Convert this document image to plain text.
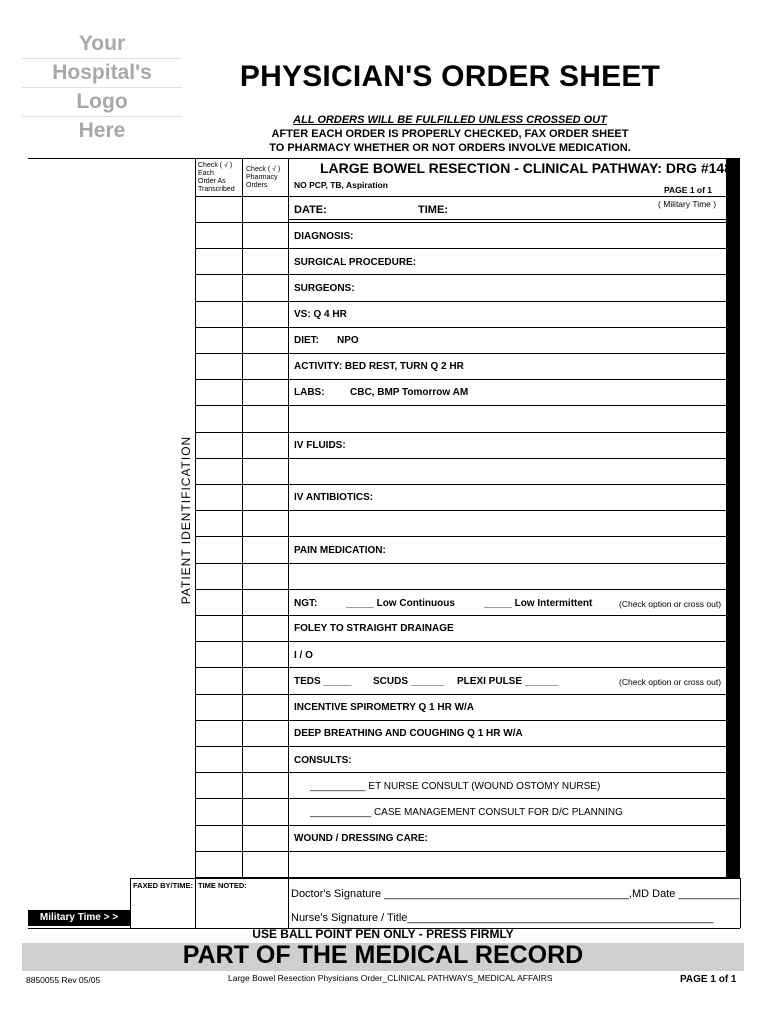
Your
Hospital's
Logo
Here
PHYSICIAN'S ORDER SHEET
ALL ORDERS WILL BE FULFILLED UNLESS CROSSED OUT
AFTER EACH ORDER IS PROPERLY CHECKED, FAX ORDER SHEET
TO PHARMACY WHETHER OR NOT ORDERS INVOLVE MEDICATION.
Check ( √ )
Each
Order As
Transcribed
Check ( √ )
Pharmacy
Orders
LARGE BOWEL RESECTION - CLINICAL PATHWAY: DRG #148
NO PCP, TB, Aspiration	PAGE 1 of 1
( Military Time )
DATE:	TIME:
DIAGNOSIS:
SURGICAL PROCEDURE:
SURGEONS:
VS: Q 4 HR
DIET: NPO
ACTIVITY: BED REST, TURN Q 2 HR
LABS:	CBC, BMP Tomorrow AM
IV FLUIDS:
IV ANTIBIOTICS:
PAIN MEDICATION:
NGT:	_____ Low Continuous	_____ Low Intermittent	(Check option or cross out)
FOLEY TO STRAIGHT DRAINAGE
I / O
TEDS _____ SCUDS ______ PLEXI PULSE ______	(Check option or cross out)
INCENTIVE SPIROMETRY Q 1 HR W/A
DEEP BREATHING AND COUGHING Q 1 HR W/A
CONSULTS:
__________ ET NURSE CONSULT (WOUND OSTOMY NURSE)
___________ CASE MANAGEMENT CONSULT FOR D/C PLANNING
WOUND / DRESSING CARE:
PATIENT IDENTIFICATION
FAXED BY/TIME: TIME NOTED:
Doctor's Signature ________________________________________,MD Date __________
Nurse's Signature / Title__________________________________________________
Military Time > >
USE BALL POINT PEN ONLY - PRESS FIRMLY
PART OF THE MEDICAL RECORD
8850055 Rev 05/05	Large Bowel Resection Physicians Order_CLINICAL PATHWAYS_MEDICAL AFFAIRS	PAGE 1 of 1
